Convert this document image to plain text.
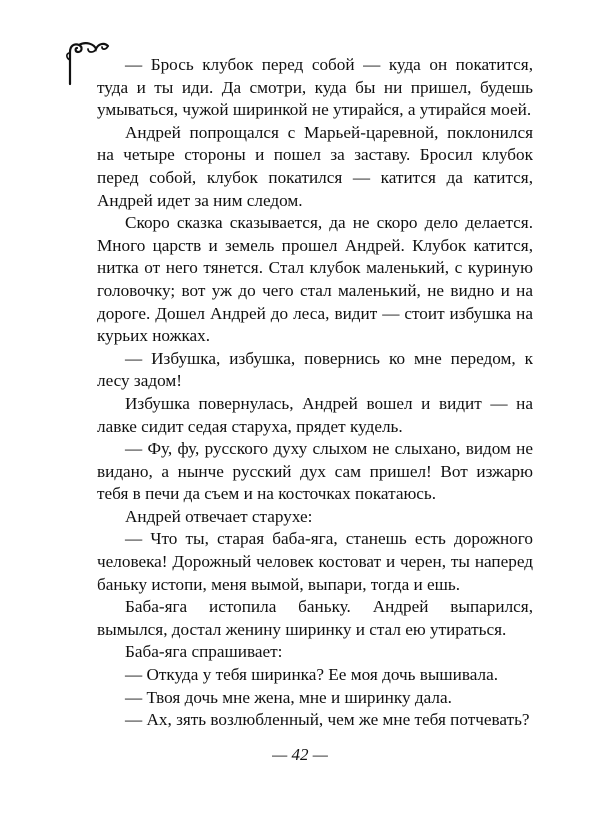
— Брось клубок перед собой — куда он покатится, туда и ты иди. Да смотри, куда бы ни пришел, будешь умываться, чужой ширинкой не утирайся, а утирайся моей.

Андрей попрощался с Марьей-царевной, поклонился на четыре стороны и пошел за заставу. Бросил клубок перед собой, клубок покатился — катится да катится, Андрей идет за ним следом.

Скоро сказка сказывается, да не скоро дело делается. Много царств и земель прошел Андрей. Клубок катится, нитка от него тянется. Стал клубок маленький, с куриную головочку; вот уж до чего стал маленький, не видно и на дороге. Дошел Андрей до леса, видит — стоит избушка на курьих ножках.

— Избушка, избушка, повернись ко мне передом, к лесу задом!

Избушка повернулась, Андрей вошел и видит — на лавке сидит седая старуха, прядет кудель.

— Фу, фу, русского духу слыхом не слыхано, видом не видано, а нынче русский дух сам пришел! Вот изжарю тебя в печи да съем и на косточках покатаюсь.

Андрей отвечает старухе:

— Что ты, старая баба-яга, станешь есть дорожного человека! Дорожный человек костоват и черен, ты наперед баньку истопи, меня вымой, выпари, тогда и ешь.

Баба-яга истопила баньку. Андрей выпарился, вымылся, достал женину ширинку и стал ею утираться.

Баба-яга спрашивает:

— Откуда у тебя ширинка? Ее моя дочь вышивала.

— Твоя дочь мне жена, мне и ширинку дала.

— Ах, зять возлюбленный, чем же мне тебя потчевать?

— 42 —
